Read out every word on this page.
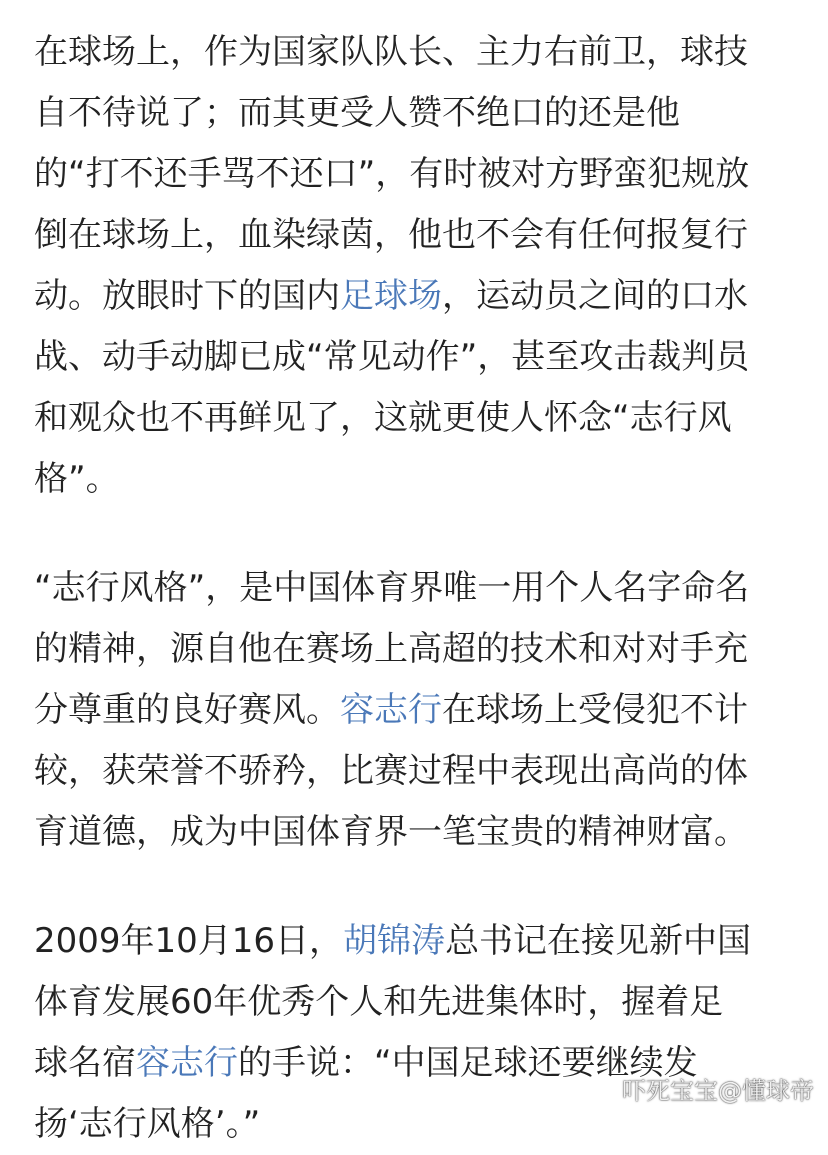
在球场上，作为国家队队长、主力右前卫，球技
自不待说了；而其更受人赞不绝口的还是他
的“打不还手骂不还口”，有时被对方野蛮犯规放
倒在球场上，血染绿茵，他也不会有任何报复行
动。放眼时下的国内足球场，运动员之间的口水
战、动手动脚已成“常见动作”，甚至攻击裁判员
和观众也不再鲜见了，这就更使人怀念“志行风
格”。
“志行风格”，是中国体育界唯一用个人名字命名
的精神，源自他在赛场上高超的技术和对对手充
分尊重的良好赛风。容志行在球场上受侵犯不计
较，获荣誉不骄矜，比赛过程中表现出高尚的体
育道德，成为中国体育界一笔宝贵的精神财富。
2009年10月16日，胡锦涛总书记在接见新中国
体育发展60年优秀个人和先进集体时，握着足
球名宿容志行的手说：“中国足球还要继续发
扬‘志行风格’。”
吓死宝宝@懂球帝
